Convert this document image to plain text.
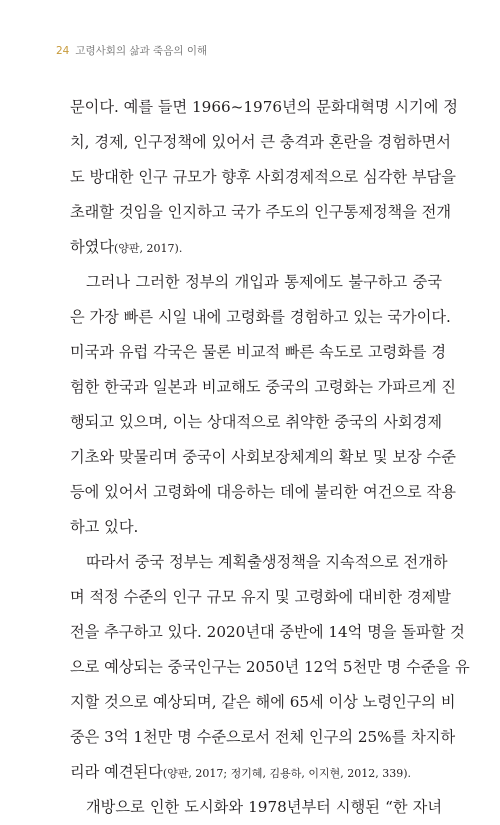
24 고령사회의 삶과 죽음의 이해
문이다. 예를 들면 1966~1976년의 문화대혁명 시기에 정
치, 경제, 인구정책에 있어서 큰 충격과 혼란을 경험하면서
도 방대한 인구 규모가 향후 사회경제적으로 심각한 부담을
초래할 것임을 인지하고 국가 주도의 인구통제정책을 전개
하였다(양판, 2017).
그러나 그러한 정부의 개입과 통제에도 불구하고 중국
은 가장 빠른 시일 내에 고령화를 경험하고 있는 국가이다.
미국과 유럽 각국은 물론 비교적 빠른 속도로 고령화를 경
험한 한국과 일본과 비교해도 중국의 고령화는 가파르게 진
행되고 있으며, 이는 상대적으로 취약한 중국의 사회경제
기초와 맞물리며 중국이 사회보장체계의 확보 및 보장 수준
등에 있어서 고령화에 대응하는 데에 불리한 여건으로 작용
하고 있다.
따라서 중국 정부는 계획출생정책을 지속적으로 전개하
며 적정 수준의 인구 규모 유지 및 고령화에 대비한 경제발
전을 추구하고 있다. 2020년대 중반에 14억 명을 돌파할 것
으로 예상되는 중국인구는 2050년 12억 5천만 명 수준을 유
지할 것으로 예상되며, 같은 해에 65세 이상 노령인구의 비
중은 3억 1천만 명 수준으로서 전체 인구의 25%를 차지하
리라 예견된다(양판, 2017; 정기혜, 김용하, 이지현, 2012, 339).
개방으로 인한 도시화와 1978년부터 시행된 “한 자녀
